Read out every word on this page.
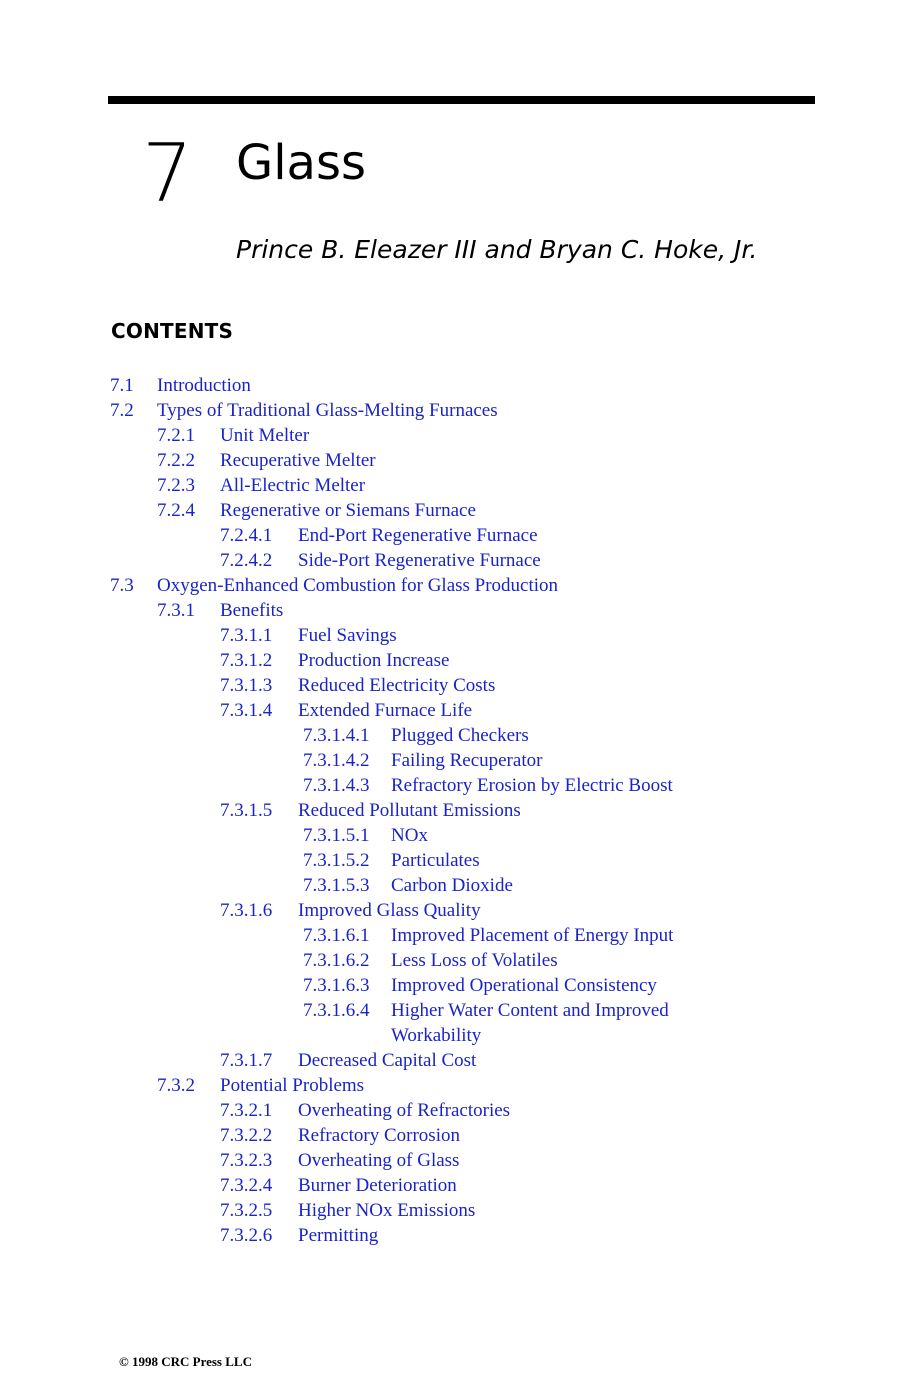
7 Glass
Prince B. Eleazer III and Bryan C. Hoke, Jr.
CONTENTS
7.1 Introduction
7.2 Types of Traditional Glass-Melting Furnaces
7.2.1 Unit Melter
7.2.2 Recuperative Melter
7.2.3 All-Electric Melter
7.2.4 Regenerative or Siemans Furnace
7.2.4.1 End-Port Regenerative Furnace
7.2.4.2 Side-Port Regenerative Furnace
7.3 Oxygen-Enhanced Combustion for Glass Production
7.3.1 Benefits
7.3.1.1 Fuel Savings
7.3.1.2 Production Increase
7.3.1.3 Reduced Electricity Costs
7.3.1.4 Extended Furnace Life
7.3.1.4.1 Plugged Checkers
7.3.1.4.2 Failing Recuperator
7.3.1.4.3 Refractory Erosion by Electric Boost
7.3.1.5 Reduced Pollutant Emissions
7.3.1.5.1 NOx
7.3.1.5.2 Particulates
7.3.1.5.3 Carbon Dioxide
7.3.1.6 Improved Glass Quality
7.3.1.6.1 Improved Placement of Energy Input
7.3.1.6.2 Less Loss of Volatiles
7.3.1.6.3 Improved Operational Consistency
7.3.1.6.4 Higher Water Content and Improved
Workability
7.3.1.7 Decreased Capital Cost
7.3.2 Potential Problems
7.3.2.1 Overheating of Refractories
7.3.2.2 Refractory Corrosion
7.3.2.3 Overheating of Glass
7.3.2.4 Burner Deterioration
7.3.2.5 Higher NOx Emissions
7.3.2.6 Permitting
© 1998 CRC Press LLC
